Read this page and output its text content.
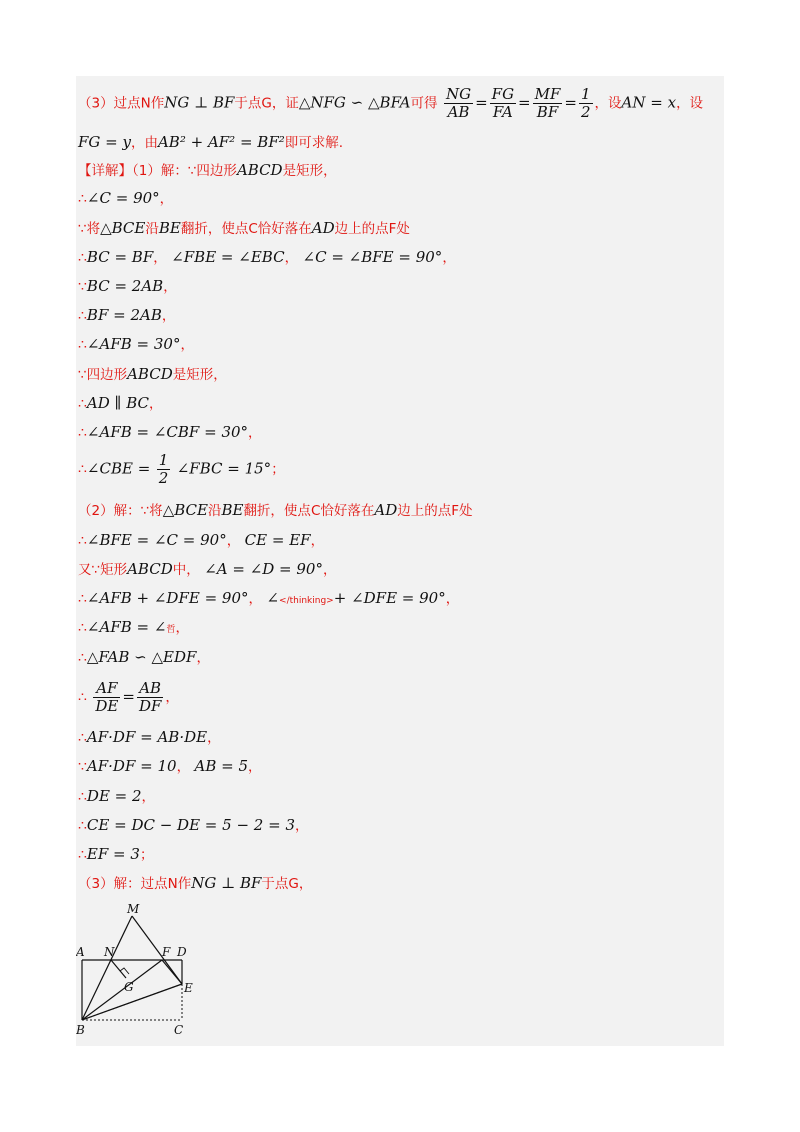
（3）过点N作NG ⊥ BF于点G，证△NFG ∽ △BFA可得 $\frac{NG}{AB} = \frac{FG}{FA} = \frac{MF}{BF} = \frac{1}{2}$ ，设AN = x，设
FG = y，由AB² + AF² = BF²即可求解.
【详解】（1）解：∵四边形ABCD是矩形，
∴∠C = 90°，
∵将△BCE沿BE翻折，使点C恰好落在AD边上的点F处
∴BC = BF， ∠FBE = ∠EBC， ∠C = ∠BFE = 90°，
∵BC = 2AB，
∴BF = 2AB，
∴∠AFB = 30°，
∵四边形ABCD是矩形，
∴AD ∥ BC，
∴∠AFB = ∠CBF = 30°，
∴∠CBE = $\frac{1}{2}$ ∠FBC = 15°；
（2）解：∵将△BCE沿BE翻折，使点C恰好落在AD边上的点F处
∴∠BFE = ∠C = 90°， CE = EF，
又∵矩形ABCD中， ∠A = ∠D = 90°，
∴∠AFB + ∠DFE = 90°， ∠</thinking>+ ∠DFE = 90°，
∴∠AFB = ∠哲，
∴△FAB ∽ △EDF，
∴ $\frac{AF}{DE} = \frac{AB}{DF}$ ，
∴AF·DF = AB·DE，
∵AF·DF = 10， AB = 5，
∴DE = 2，
∴CE = DC − DE = 5 − 2 = 3，
∴EF = 3；
（3）解：过点N作NG ⊥ BF于点G，
A N
M
F D
G	E
B	C
